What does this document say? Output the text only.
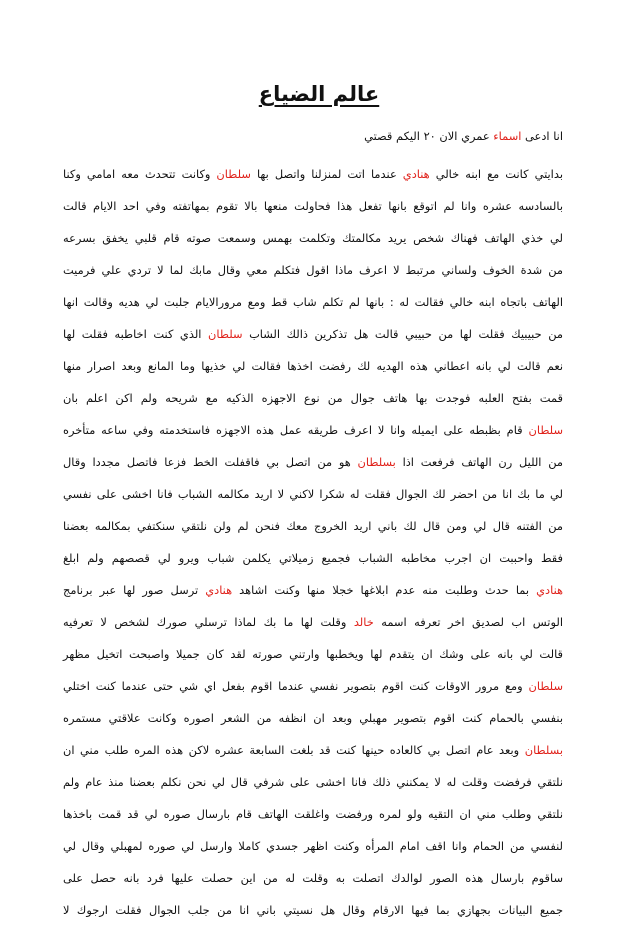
عالم الضياع
انا ادعى اسماء عمري الان ٢٠ اليكم قصتي
بدايتي كانت مع ابنه خالي هنادي عندما اتت لمنزلنا واتصل بها سلطان وكانت تتحدث معه امامي وكنا
بالسادسه عشره وانا لم اتوقع بانها تفعل هذا فحاولت منعها بالا تقوم بمهاتفته وفي احد الايام قالت
لي خذي الهاتف فهناك شخص يريد مكالمتك وتكلمت بهمس وسمعت صوته قام قلبي يخفق بسرعه
من شدة الخوف ولساني مرتبط لا اعرف ماذا اقول فتكلم معي وقال مابك لما لا تردي علي فرميت
الهاتف باتجاه ابنه خالي فقالت له : بانها لم تكلم شاب قط ومع مرورالايام جلبت لي هديه وقالت انها
من حبيبيك فقلت لها من حبيبي قالت هل تذكرين ذالك الشاب سلطان الذي كنت اخاطبه فقلت لها
نعم قالت لي بانه اعطاني هذه الهديه لك رفضت اخذها فقالت لي خذيها وما المانع وبعد اصرار منها
قمت بفتح العلبه فوجدت بها هاتف جوال من نوع الاجهزه الذكيه مع شريحه ولم اكن اعلم بان
سلطان قام بظبطه على ايميله وانا لا اعرف طريقه عمل هذه الاجهزه فاستخدمته وفي ساعه متأخره
من الليل رن الهاتف فرفعت اذا بسلطان هو من اتصل بي فاقفلت الخط فزعا فاتصل مجددا وقال
لي ما بك انا من احضر لك الجوال فقلت له شكرا لاكني لا اريد مكالمه الشباب فانا اخشى على نفسي
من الفتنه قال لي ومن قال لك باني اريد الخروج معك فنحن لم ولن نلتقي سنكتفي بمكالمه بعضنا
فقط واحببت ان اجرب مخاطبه الشباب فجميع زميلاتي يكلمن شباب ويرو لي قصصهم ولم ابلغ
هنادي بما حدث وطلبت منه عدم ابلاغها خجلا منها وكنت اشاهد هنادي ترسل صور لها عبر برنامج
الوتس اب لصديق اخر تعرفه اسمه خالد وقلت لها ما بك لماذا ترسلي صورك لشخص لا تعرفيه
قالت لي بانه على وشك ان يتقدم لها ويخطبها وارتني صورته لقد كان جميلا واصبحت اتخيل مظهر
سلطان ومع مرور الاوقات كنت اقوم بتصوير نفسي عندما اقوم بفعل اي شي حتى عندما كنت اختلي
بنفسي بالحمام كنت اقوم بتصوير مهبلي وبعد ان انظفه من الشعر اصوره وكانت علاقتي مستمره
بسلطان وبعد عام اتصل بي كالعاده حينها كنت قد بلغت السابعة عشره لاكن هذه المره طلب مني ان
نلتقي فرفضت وقلت له لا يمكنني ذلك فانا اخشى على شرفي قال لي نحن نكلم بعضنا منذ عام ولم
نلتقي وطلب مني ان التقيه ولو لمره ورفضت واغلقت الهاتف قام بارسال صوره لي قد قمت باخذها
لنفسي من الحمام وانا اقف امام المرأه وكنت اظهر جسدي كاملا وارسل لي صوره لمهبلي وقال لي
ساقوم بارسال هذه الصور لوالدك اتصلت به وقلت له من اين حصلت عليها فرد بانه حصل على
جميع البيانات بجهازي بما فيها الارقام وقال هل نسيتي باني انا من جلب الجوال فقلت ارجوك لا
